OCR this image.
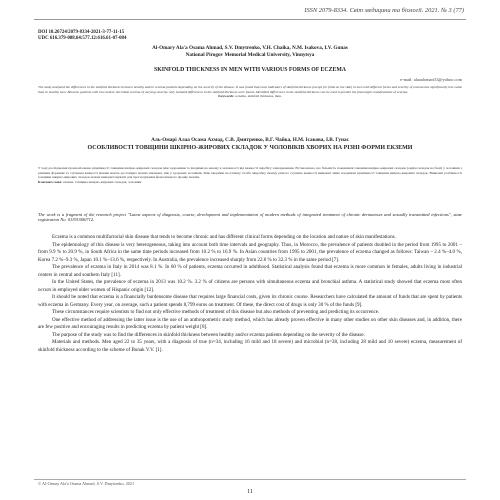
ISSN 2079-8334. Світ медицини та біології. 2021. № 3 (77)
DOI 10.26724/2079-8334-2021-3-77-11-15
UDC 616.379-008.64:577.12:616.61-07-084
Al-Omary Ala'a Osama Ahmad, S.V. Dmytrenko, V.H. Chaika, N.M. Isakova, I.V. Gunas
National Pirogov Memorial Medical University, Vinnytsya
SKINFOLD THICKNESS IN MEN WITH VARIOUS FORMS OF ECZEMA
e-mail: alaaalomari33@yahoo.com
The study analyzed the differences in the skinfold thickness between healthy and/or eczema patients depending on the severity of the disease. It was found that most indicators of skinfold thickness (except for folds on the side) in men with different forms and severity of eczema has significantly less value than in healthy men. Between patients with true and/or microbial eczema of varying severity, only isolated differences in the skinfold thickness were found. Identified differences in the skinfold thickness can be used to predict the phenotypic manifestation of eczema.
Keywords: eczema, skinfold thickness, men.
Аль-Омарі Алаа Осама Ахмад, С.В. Дмитренко, В.Г. Чайка, Н.М. Ісакова, І.В. Гунас
ОСОБЛИВОСТІ ТОВЩИНИ ШКІРНО-ЖИРОВИХ СКЛАДОК У ЧОЛОВІКІВ ХВОРИХ НА РІЗНІ ФОРМИ ЕКЗЕМИ
У ході дослідження проаналізовано відмінності товщини шкірно-жирових складок між здоровими та хворими на екзему в залежності від важкості перебігу захворювання. Встановлено, що більшість показників товщини шкірно-жирових складок (окрім складок на боці) у чоловіків з різними формами та ступенем важкості екземи мають достовірно менші значення, ніж у здорових чоловіків. Між хворими на істинну та/або мікробну екзему різного ступеню важкості виявлені лише поодинокі відмінності товщини шкірно-жирових складок. Виявлені розбіжності товщини шкірно-жирових складок можна використовувати для прогнозування фенотипового прояву екземи.
Ключові слова: екзема, товщина шкірно-жирових складок, чоловіки.
The work is a fragment of the research project "Latest aspects of diagnosis, course, development and implementation of modern methods of integrated treatment of chronic dermatoses and sexually transmitted infections", state registration No. 0119U000712.

Eczema is a common multifactorial skin disease that tends to become chronic and has different clinical forms depending on the location and nature of skin manifestations.

The epidemiology of this disease is very heterogeneous, taking into account both time intervals and geography. Thus, in Morocco, the prevalence of patients doubled in the period from 1995 to 2001 – from 9.9 % to 20.9 %, in South Africa in the same time periods increased from 10.2 % to 16.9 %. In Asian countries from 1995 to 2001, the prevalence of eczema changed as follows: Taiwan – 2.4 %–4.0 %, Korea 7.2 %–9.3 %, Japan 10.1 %–13.6 %, respectively. In Australia, the prevalence increased sharply from 22.6 % to 32.3 % in the same period [7].

The prevalence of eczema in Italy in 2014 was 8.1 %. In 60 % of patients, eczema occurred in adulthood. Statistical analysis found that eczema is more common in females, adults living in industrial centers in central and southern Italy [11].

In the United States, the prevalence of eczema in 2013 was 10.2 %. 3.2 % of citizens are persons with simultaneous eczema and bronchial asthma. A statistical study showed that eczema most often occurs in employed older women of Hispanic origin [12].

It should be noted that eczema is a financially burdensome disease that requires large financial costs, given its chronic course. Researchers have calculated the amount of funds that are spent by patients with eczema in Germany. Every year, on average, such a patient spends 8,799 euros on treatment. Of these, the direct cost of drugs is only 30 % of the funds [9].

These circumstances require scientists to find not only effective methods of treatment of this disease but also methods of preventing and predicting its occurrence.

One effective method of addressing the latter issue is the use of an anthropometric study method, which has already proven effective in many other studies on other skin diseases and, in addition, there are few positive and encouraging results in predicting eczema by patient weight [8].

The purpose of the study was to find the differences in skinfold thickness between healthy and/or eczema patients depending on the severity of the disease.

Materials and methods. Men aged 22 to 35 years, with a diagnosis of true (n=34, including 16 mild and 18 severe) and microbial (n=38, including 28 mild and 10 severe) eczema, measurement of skinfold thickness according to the scheme of Bunak V.V. [1].

© Al-Omary Ala'a Osama Ahmad, S.V. Dmytrenko, 2021
11
